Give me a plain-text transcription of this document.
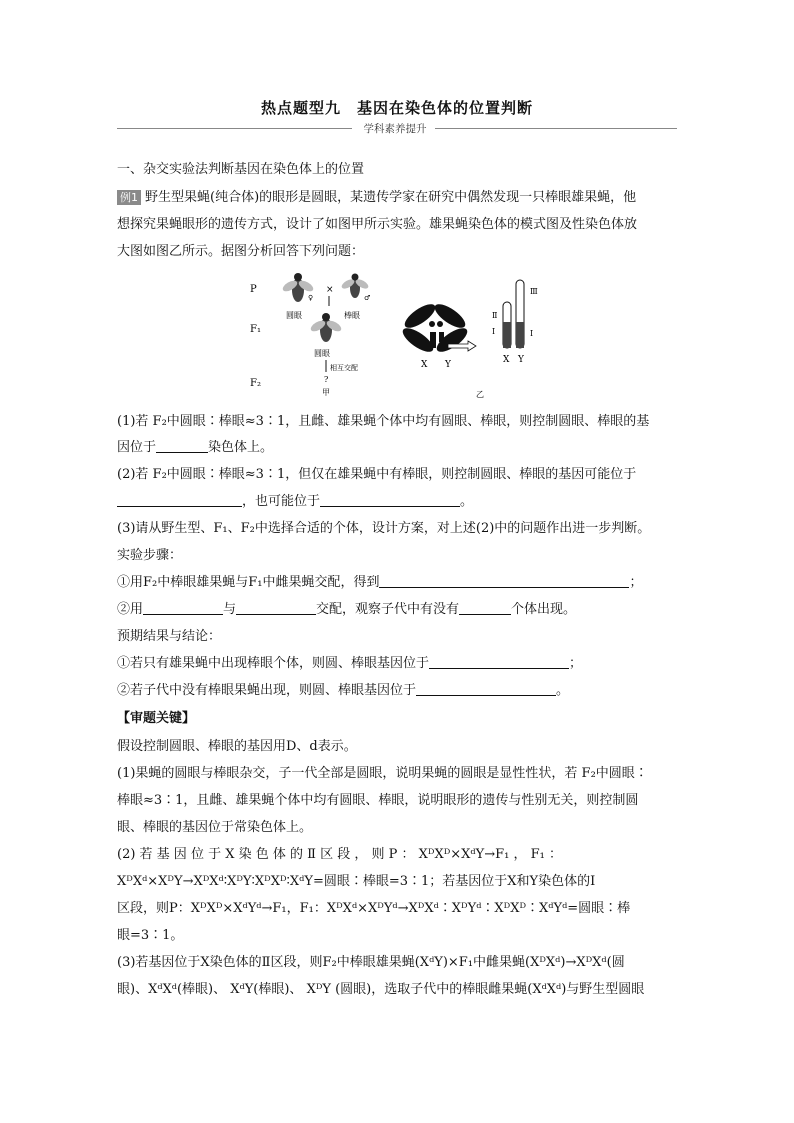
热点题型九　基因在染色体的位置判断
学科素养提升
一、杂交实验法判断基因在染色体上的位置
例1 野生型果蝇(纯合体)的眼形是圆眼，某遗传学家在研究中偶然发现一只棒眼雄果蝇，他
想探究果蝇眼形的遗传方式，设计了如图甲所示实验。雄果蝇染色体的模式图及性染色体放
大图如图乙所示。据图分析回答下列问题：
P
F₁
F₂
♀
圆眼
×
♂
棒眼
圆眼
相互交配
?
甲
X Y
Ⅱ
Ⅰ
Ⅲ
Ⅰ
X Y
乙
(1)若 F₂中圆眼∶棒眼≈3∶1，且雌、雄果蝇个体中均有圆眼、棒眼，则控制圆眼、棒眼的基
因位于	染色体上。
(2)若 F₂中圆眼∶棒眼≈3∶1，但仅在雄果蝇中有棒眼，则控制圆眼、棒眼的基因可能位于
，也可能位于	。
(3)请从野生型、F₁、F₂中选择合适的个体，设计方案，对上述(2)中的问题作出进一步判断。
实验步骤：
①用F₂中棒眼雄果蝇与F₁中雌果蝇交配，得到	；
②用	与	交配，观察子代中有没有	个体出现。
预期结果与结论：
①若只有雄果蝇中出现棒眼个体，则圆、棒眼基因位于	；
②若子代中没有棒眼果蝇出现，则圆、棒眼基因位于	。
【审题关键】
假设控制圆眼、棒眼的基因用D、d表示。
(1)果蝇的圆眼与棒眼杂交，子一代全部是圆眼，说明果蝇的圆眼是显性性状，若 F₂中圆眼∶
棒眼≈3∶1，且雌、雄果蝇个体中均有圆眼、棒眼，说明眼形的遗传与性别无关，则控制圆
眼、棒眼的基因位于常染色体上。
(2) 若 基 因 位 于 X 染 色 体 的 Ⅱ 区 段 ， 则 P ： XᴰXᴰ×XᵈY→F₁ ， F₁ ：
XᴰXᵈ×XᴰY→XᴰXᵈ∶XᴰY∶XᴰXᴰ∶XᵈY=圆眼∶棒眼=3∶1；若基因位于X和Y染色体的Ⅰ
区段，则P：XᴰXᴰ×XᵈYᵈ→F₁，F₁：XᴰXᵈ×XᴰYᵈ→XᴰXᵈ∶XᴰYᵈ∶XᴰXᴰ∶XᵈYᵈ=圆眼∶棒
眼=3∶1。
(3)若基因位于X染色体的Ⅱ区段，则F₂中棒眼雄果蝇(XᵈY)×F₁中雌果蝇(XᴰXᵈ)→XᴰXᵈ(圆
眼)、XᵈXᵈ(棒眼)、 XᵈY(棒眼)、 XᴰY (圆眼)，选取子代中的棒眼雌果蝇(XᵈXᵈ)与野生型圆眼
